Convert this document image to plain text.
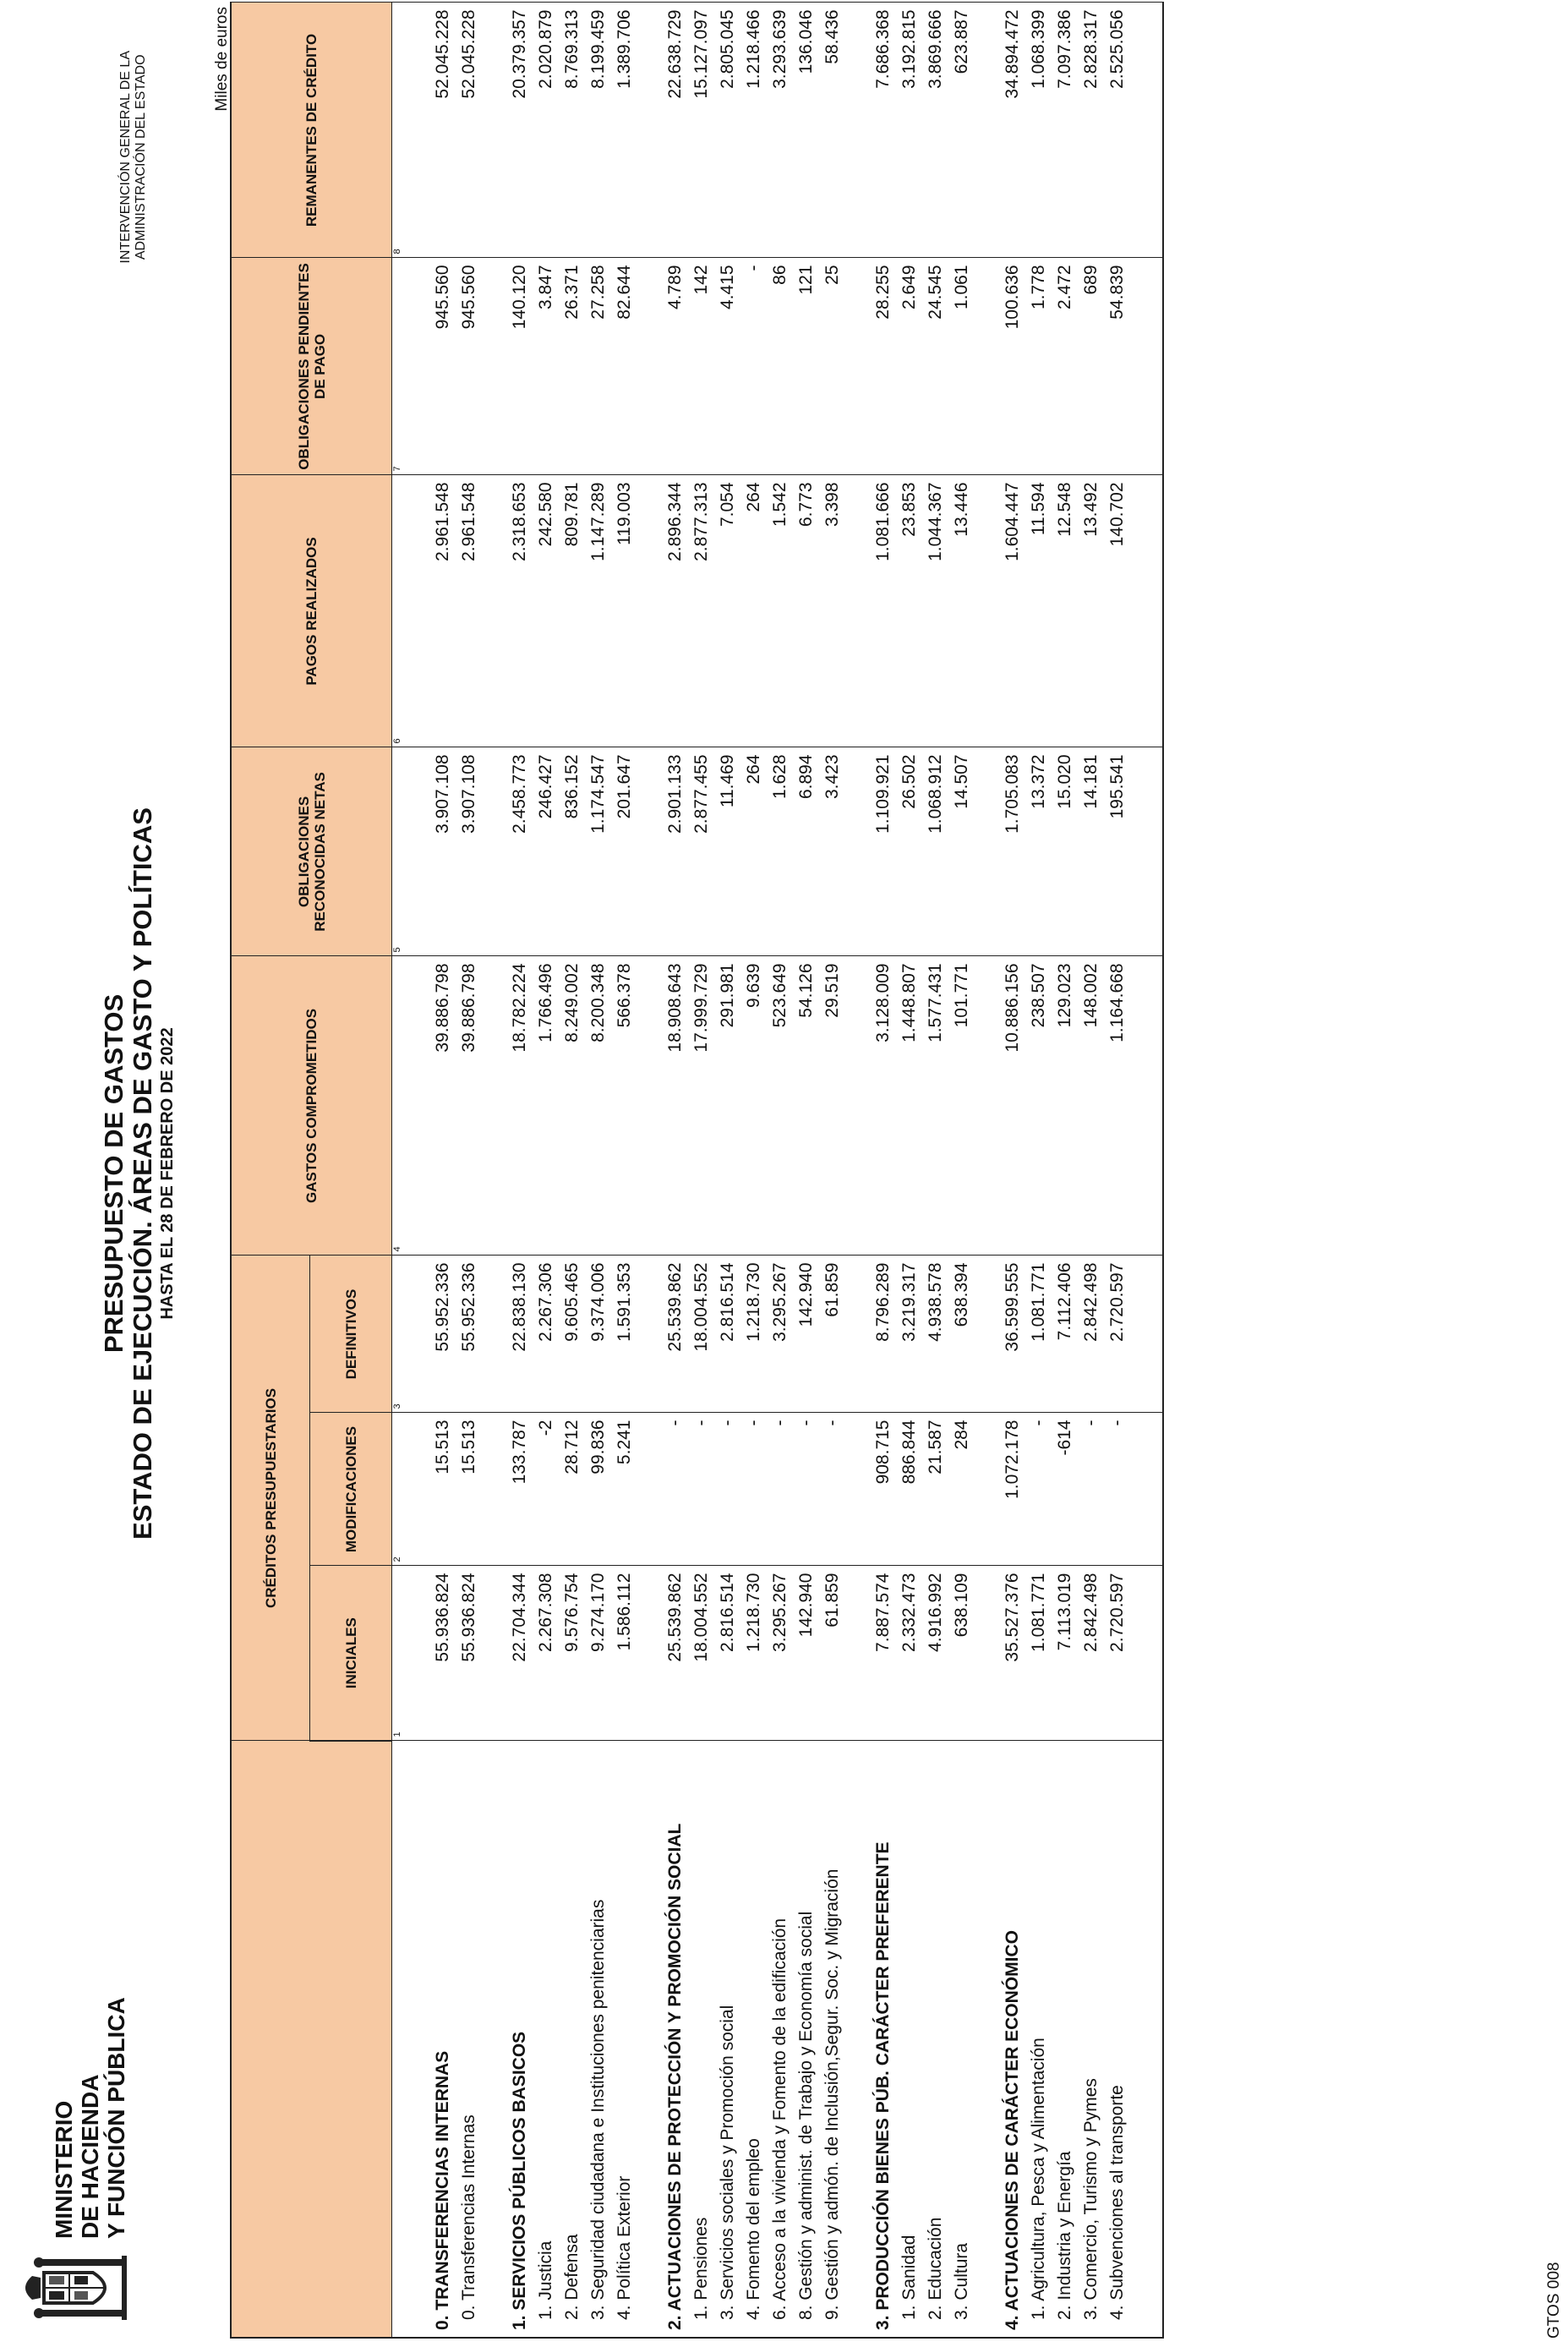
MINISTERIO DE HACIENDA Y FUNCIÓN PÚBLICA
PRESUPUESTO DE GASTOS ESTADO DE EJECUCIÓN. ÁREAS DE GASTO Y POLÍTICAS HASTA EL 28 DE FEBRERO DE 2022
INTERVENCIÓN GENERAL DE LA ADMINISTRACIÓN DEL ESTADO	Miles de euros
	CRÉDITOS PRESUPUESTARIOS			GASTOS COMPROMETIDOS	OBLIGACIONES RECONOCIDAS NETAS	PAGOS REALIZADOS	OBLIGACIONES PENDIENTES DE PAGO	REMANENTES DE CRÉDITO
	INICIALES	MODIFICACIONES	DEFINITIVOS					
	1	2	3	4	5	6	7	8

0. TRANSFERENCIAS INTERNAS	55.936.824	15.513	55.952.336	39.886.798	3.907.108	2.961.548	945.560	52.045.228
0. Transferencias Internas	55.936.824	15.513	55.952.336	39.886.798	3.907.108	2.961.548	945.560	52.045.228

1. SERVICIOS PÚBLICOS BASICOS	22.704.344	133.787	22.838.130	18.782.224	2.458.773	2.318.653	140.120	20.379.357
1. Justicia	2.267.308	-2	2.267.306	1.766.496	246.427	242.580	3.847	2.020.879
2. Defensa	9.576.754	28.712	9.605.465	8.249.002	836.152	809.781	26.371	8.769.313
3. Seguridad ciudadana e Instituciones penitenciarias	9.274.170	99.836	9.374.006	8.200.348	1.174.547	1.147.289	27.258	8.199.459
4. Política Exterior	1.586.112	5.241	1.591.353	566.378	201.647	119.003	82.644	1.389.706

2. ACTUACIONES DE PROTECCIÓN Y PROMOCIÓN SOCIAL	25.539.862	-	25.539.862	18.908.643	2.901.133	2.896.344	4.789	22.638.729
1. Pensiones	18.004.552	-	18.004.552	17.999.729	2.877.455	2.877.313	142	15.127.097
3. Servicios sociales y Promoción social	2.816.514	-	2.816.514	291.981	11.469	7.054	4.415	2.805.045
4. Fomento del empleo	1.218.730	-	1.218.730	9.639	264	264	-	1.218.466
6. Acceso a la vivienda y Fomento de la edificación	3.295.267	-	3.295.267	523.649	1.628	1.542	86	3.293.639
8. Gestión y administ. de Trabajo y Economía social	142.940	-	142.940	54.126	6.894	6.773	121	136.046
9. Gestión y admón. de Inclusión,Segur. Soc. y Migración	61.859	-	61.859	29.519	3.423	3.398	25	58.436

3. PRODUCCIÓN BIENES PÚB. CARÁCTER PREFERENTE	7.887.574	908.715	8.796.289	3.128.009	1.109.921	1.081.666	28.255	7.686.368
1. Sanidad	2.332.473	886.844	3.219.317	1.448.807	26.502	23.853	2.649	3.192.815
2. Educación	4.916.992	21.587	4.938.578	1.577.431	1.068.912	1.044.367	24.545	3.869.666
3. Cultura	638.109	284	638.394	101.771	14.507	13.446	1.061	623.887

4. ACTUACIONES DE CARÁCTER ECONÓMICO	35.527.376	1.072.178	36.599.555	10.886.156	1.705.083	1.604.447	100.636	34.894.472
1. Agricultura, Pesca y Alimentación	1.081.771	-	1.081.771	238.507	13.372	11.594	1.778	1.068.399
2. Industria y Energía	7.113.019	-614	7.112.406	129.023	15.020	12.548	2.472	7.097.386
3. Comercio, Turismo y Pymes	2.842.498	-	2.842.498	148.002	14.181	13.492	689	2.828.317
4. Subvenciones al transporte	2.720.597	-	2.720.597	1.164.668	195.541	140.702	54.839	2.525.056

GTOS 008
